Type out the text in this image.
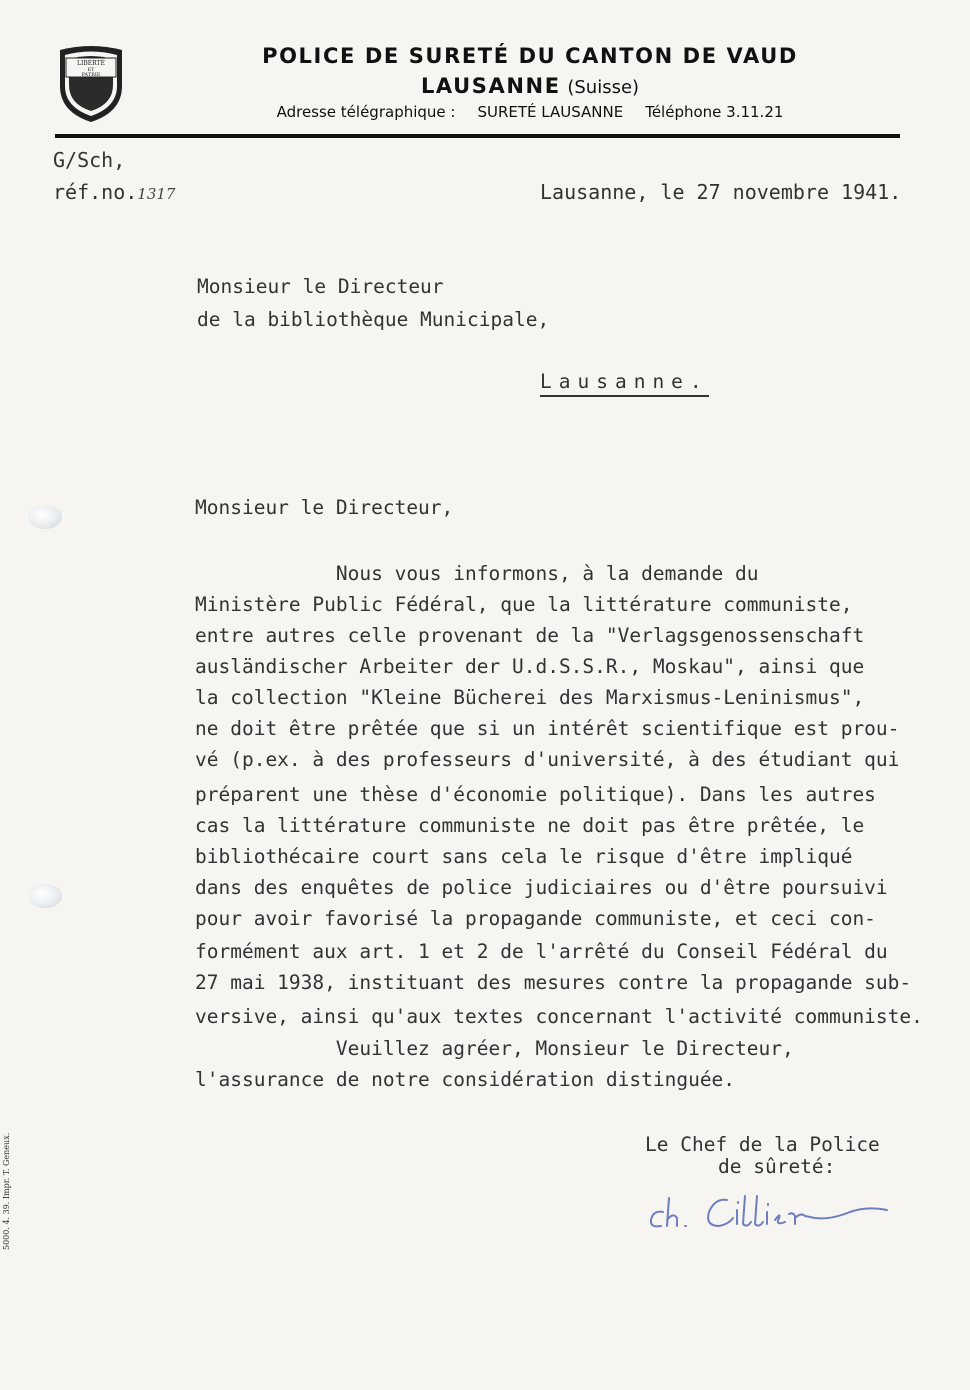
LIBERTÉ
ET
PATRIE
POLICE DE SURETÉ DU CANTON DE VAUD
LAUSANNE (Suisse)
Adresse télégraphique : SURETÉ LAUSANNE Téléphone 3.11.21
G/Sch,
réf.no.1317	Lausanne, le 27 novembre 1941.
Monsieur le Directeur
de la bibliothèque Municipale,
Lausanne.
Monsieur le Directeur,
Nous vous informons, à la demande du
Ministère Public Fédéral, que la littérature communiste,
entre autres celle provenant de la "Verlagsgenossenschaft
ausländischer Arbeiter der U.d.S.S.R., Moskau", ainsi que
la collection "Kleine Bücherei des Marxismus-Leninismus",
ne doit être prêtée que si un intérêt scientifique est prou-
vé (p.ex. à des professeurs d'université, à des étudiant qui
préparent une thèse d'économie politique). Dans les autres
cas la littérature communiste ne doit pas être prêtée, le
bibliothécaire court sans cela le risque d'être impliqué
dans des enquêtes de police judiciaires ou d'être poursuivi
pour avoir favorisé la propagande communiste, et ceci con-
formément aux art. 1 et 2 de l'arrêté du Conseil Fédéral du
27 mai 1938, instituant des mesures contre la propagande sub-
versive, ainsi qu'aux textes concernant l'activité communiste.
Veuillez agréer, Monsieur le Directeur,
l'assurance de notre considération distinguée.
Le Chef de la Police
de sûreté:
5000. 4. 39. Impr. T. Geneux.
